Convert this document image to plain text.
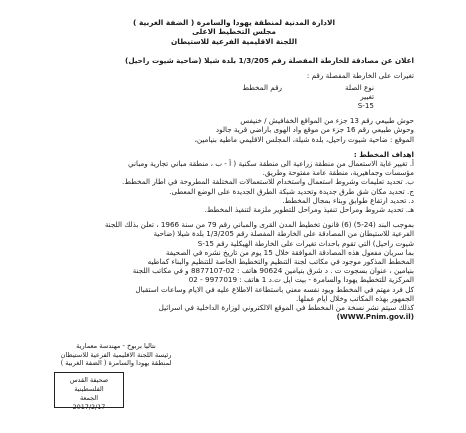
الادارة المدنية لمنطقة يهودا والسامرة ( الضفة الغربية )
مجلس التخطيط الاعلى
اللجنة الاقليمية الفرعية للاستيطان
اعلان عن مصادقة للخارطة المفصلة رقم 1/3/205 بلدة شيلا (ضاحية شيوت راحيل)
تغيرات على الخارطة المفصلة رقم :
نوع الصلة
رقم المخطط
تغيير
S-15
حوش طبيعي رقم 13 جزء من المواقع الخفافيش / خنيفس
وحوش طبيعي رقم 16 جزء من موقع واد الهوى باراضي قرية جالود
الموقع : ضاحية شيوت راحيل، بلدة شيلة، المجلس الاقليمي ماطيه بنيامين،
اهداف المخطط :
أ. تغيير غاية الاستعمال من منطقة زراعية الى منطقة سكنية ( أ - ب ، منطقة مباني تجارية ومباني
مؤسسات وجماهيرية، منطقة عامة مفتوحة وطريق.
ب. تحديد تعليمات وشروط استعمال واستخدام للاستعمالات المختلفة المطروحة في اطار المخطط.
ج. تحديد مكان شق طرق جديدة وتحديد شبكة الطرق الجديدة على الوضع المعطى.
د. تحديد ارتفاع طوابق وبناء بمجال المخطط.
هـ. تحديد شروط ومراحل تنفيذ ومراحل للتطوير ملزمة لتنفيذ المخطط.
بموجب البند (24-5) (6) قانون تخطيط المدن القرى والمباني رقم 79 من سنة 1966 ، تعلن بذلك اللجنة
الفرعية للاستيطان من المصادقة على الخارطة المفصلة رقم 1/3/205 بلدة شيلا (ضاحية
شيوت راحيل) التي تقوم باحداث تغيرات على الخارطة الهيكلية رقم S-15
بما سريان مفعول هذه المصادقة الموافقة خلال 15 يوم من تاريخ نشره في الصحيفة
المخطط المذكور موجود في مكاتب لجنة التنظيم والتخطيط الخاصة للتنظيم والبناء كماطيه
بنيامين ، عنوان بسجوت ت . د شرق بنيامين 90624 هاتف : 02-8877107 و في مكاتب اللجنة
المركزية للتخطيط يهودا والسامرة - بيت ايل ت.د 1 هاتف : 9977019 - 02
كل فرد مهتم في المخطط ويود نفسه معني باستطاعة الاطلاع عليه في الايام وساعات استقبال
الجمهور بهذه المكاتب وخلال ايام عملها.
كذلك سيتم نشر نسخة من المخطط في الموقع الالكتروني لوزارة الداخلية في اسرائيل
(WWW.Pnim.gov.il)
نتاليا بربوخ - مهندسة معمارية
رئيسة اللجنة الاقليمية الفرعية للاستيطان
لمنطقة يهودا والسامرة ( الضفة الغربية )
صحيفة القدس الفلسطينية
الجمعة
2017/2/17
